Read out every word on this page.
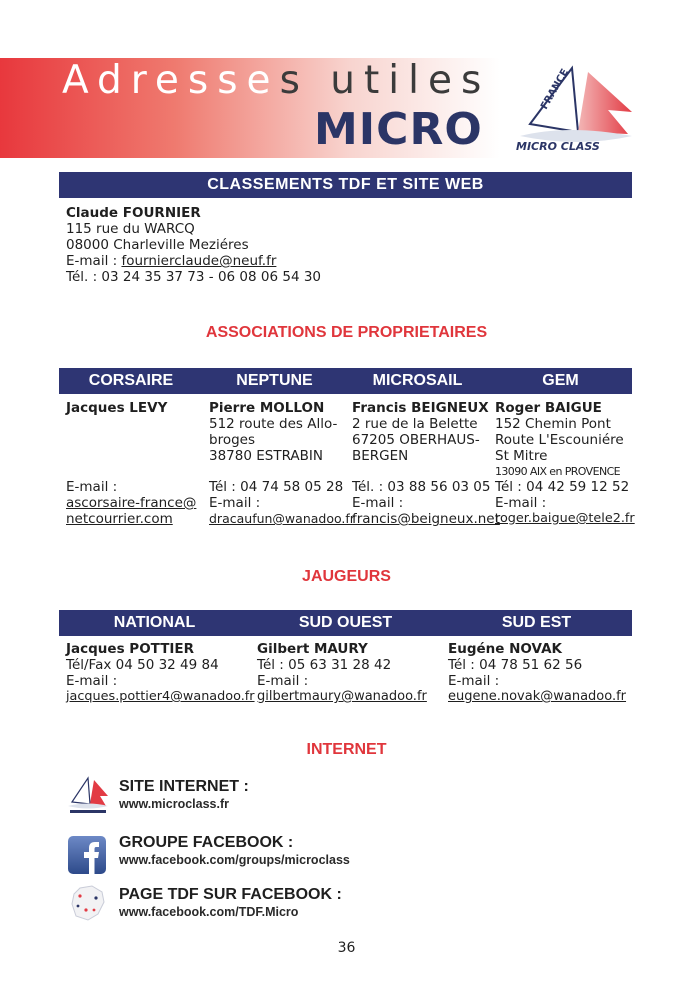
Adresses utiles
MICRO
FRANCE
MICRO CLASS
CLASSEMENTS TDF ET SITE WEB
Claude FOURNIER
115 rue du WARCQ
08000 Charleville Meziéres
E-mail : fournierclaude@neuf.fr
Tél. : 03 24 35 37 73 - 06 08 06 54 30
ASSOCIATIONS DE PROPRIETAIRES
CORSAIRE	NEPTUNE	MICROSAIL	GEM
Jacques LEVY
E-mail :
ascorsaire-france@
netcourrier.com
Pierre MOLLON
512 route des Allo-
broges
38780 ESTRABIN
Tél : 04 74 58 05 28
E-mail :
dracaufun@wanadoo.fr
Francis BEIGNEUX
2 rue de la Belette
67205 OBERHAUS-
BERGEN
Tél. : 03 88 56 03 05
E-mail :
francis@beigneux.net
Roger BAIGUE
152 Chemin Pont
Route L'Escouniére
St Mitre
13090 AIX en PROVENCE
Tél : 04 42 59 12 52
E-mail :
roger.baigue@tele2.fr
JAUGEURS
NATIONAL	SUD OUEST	SUD EST
Jacques POTTIER
Tél/Fax 04 50 32 49 84
E-mail :
jacques.pottier4@wanadoo.fr
Gilbert MAURY
Tél : 05 63 31 28 42
E-mail :
gilbertmaury@wanadoo.fr
Eugéne NOVAK
Tél : 04 78 51 62 56
E-mail :
eugene.novak@wanadoo.fr
INTERNET
SITE INTERNET :
www.microclass.fr
GROUPE FACEBOOK :
www.facebook.com/groups/microclass
PAGE TDF SUR FACEBOOK :
www.facebook.com/TDF.Micro
36
